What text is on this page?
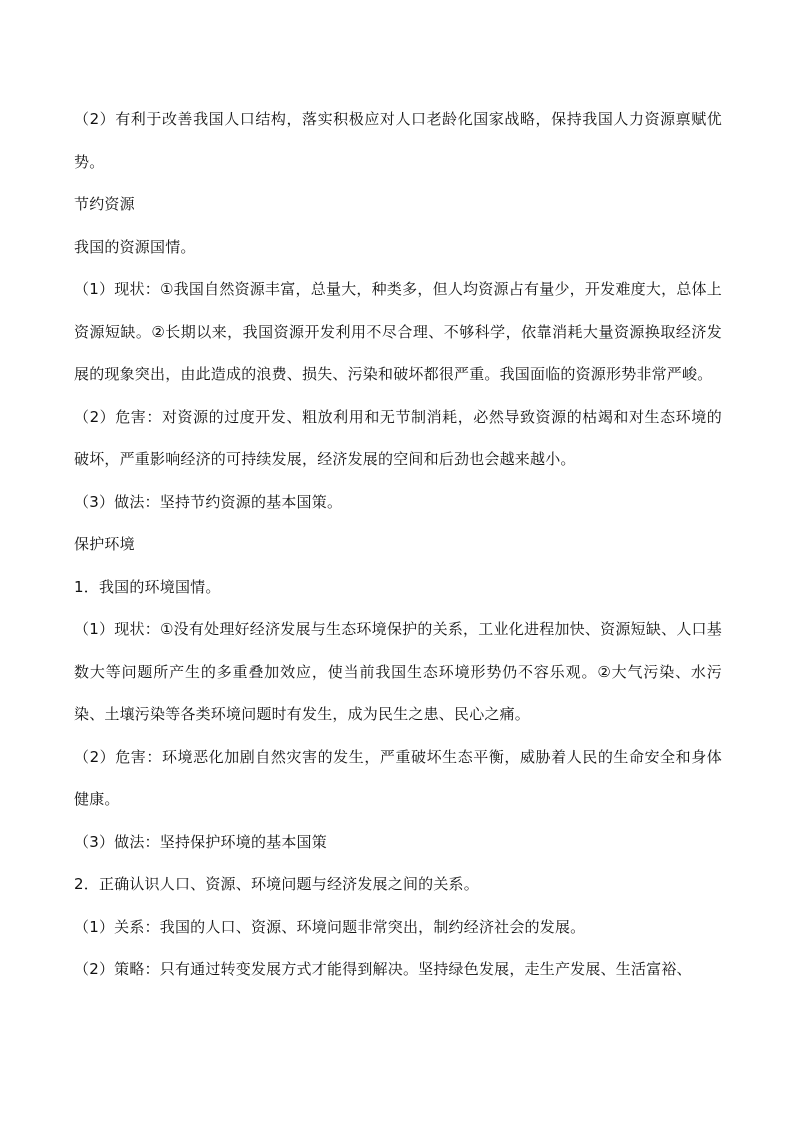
（2）有利于改善我国人口结构，落实积极应对人口老龄化国家战略，保持我国人力资源禀赋优势。

节约资源

我国的资源国情。

（1）现状：①我国自然资源丰富，总量大，种类多，但人均资源占有量少，开发难度大，总体上资源短缺。②长期以来，我国资源开发利用不尽合理、不够科学，依靠消耗大量资源换取经济发展的现象突出，由此造成的浪费、损失、污染和破坏都很严重。我国面临的资源形势非常严峻。

（2）危害：对资源的过度开发、粗放利用和无节制消耗，必然导致资源的枯竭和对生态环境的破坏，严重影响经济的可持续发展，经济发展的空间和后劲也会越来越小。

（3）做法：坚持节约资源的基本国策。

保护环境

1．我国的环境国情。

（1）现状：①没有处理好经济发展与生态环境保护的关系，工业化进程加快、资源短缺、人口基数大等问题所产生的多重叠加效应，使当前我国生态环境形势仍不容乐观。②大气污染、水污染、土壤污染等各类环境问题时有发生，成为民生之患、民心之痛。

（2）危害：环境恶化加剧自然灾害的发生，严重破坏生态平衡，威胁着人民的生命安全和身体健康。

（3）做法：坚持保护环境的基本国策

2．正确认识人口、资源、环境问题与经济发展之间的关系。

（1）关系：我国的人口、资源、环境问题非常突出，制约经济社会的发展。

（2）策略：只有通过转变发展方式才能得到解决。坚持绿色发展，走生产发展、生活富裕、
